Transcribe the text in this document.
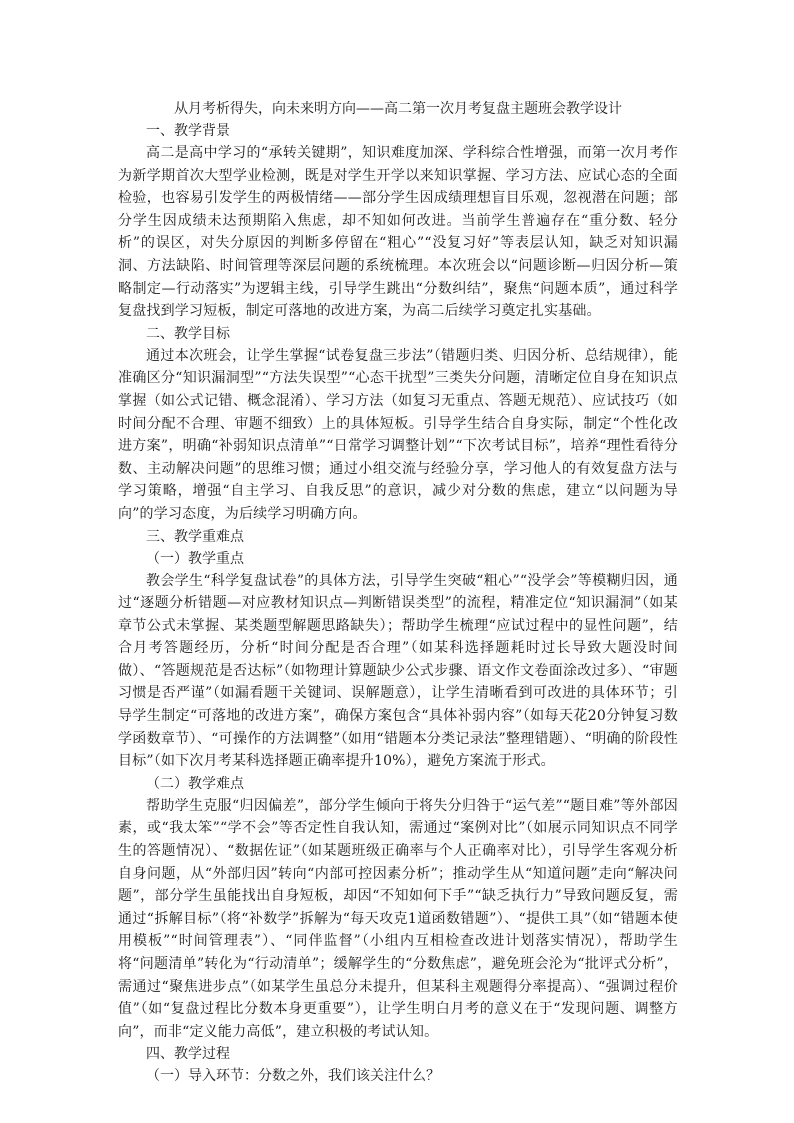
从月考析得失，向未来明方向——高二第一次月考复盘主题班会教学设计

一、教学背景

高二是高中学习的“承转关键期”，知识难度加深、学科综合性增强，而第一次月考作为新学期首次大型学业检测，既是对学生开学以来知识掌握、学习方法、应试心态的全面检验，也容易引发学生的两极情绪——部分学生因成绩理想盲目乐观，忽视潜在问题；部分学生因成绩未达预期陷入焦虑，却不知如何改进。当前学生普遍存在“重分数、轻分析”的误区，对失分原因的判断多停留在“粗心”“没复习好”等表层认知，缺乏对知识漏洞、方法缺陷、时间管理等深层问题的系统梳理。本次班会以“问题诊断—归因分析—策略制定—行动落实”为逻辑主线，引导学生跳出“分数纠结”，聚焦“问题本质”，通过科学复盘找到学习短板，制定可落地的改进方案，为高二后续学习奠定扎实基础。

二、教学目标

通过本次班会，让学生掌握“试卷复盘三步法”（错题归类、归因分析、总结规律），能准确区分“知识漏洞型”“方法失误型”“心态干扰型”三类失分问题，清晰定位自身在知识点掌握（如公式记错、概念混淆）、学习方法（如复习无重点、答题无规范）、应试技巧（如时间分配不合理、审题不细致）上的具体短板。引导学生结合自身实际，制定“个性化改进方案”，明确“补弱知识点清单”“日常学习调整计划”“下次考试目标”，培养“理性看待分数、主动解决问题”的思维习惯；通过小组交流与经验分享，学习他人的有效复盘方法与学习策略，增强“自主学习、自我反思”的意识，减少对分数的焦虑，建立“以问题为导向”的学习态度，为后续学习明确方向。

三、教学重难点

（一）教学重点

教会学生“科学复盘试卷”的具体方法，引导学生突破“粗心”“没学会”等模糊归因，通过“逐题分析错题—对应教材知识点—判断错误类型”的流程，精准定位“知识漏洞”（如某章节公式未掌握、某类题型解题思路缺失）；帮助学生梳理“应试过程中的显性问题”，结合月考答题经历，分析“时间分配是否合理”（如某科选择题耗时过长导致大题没时间做）、“答题规范是否达标”（如物理计算题缺少公式步骤、语文作文卷面涂改过多）、“审题习惯是否严谨”（如漏看题干关键词、误解题意），让学生清晰看到可改进的具体环节；引导学生制定“可落地的改进方案”，确保方案包含“具体补弱内容”（如每天花20分钟复习数学函数章节）、“可操作的方法调整”（如用“错题本分类记录法”整理错题）、“明确的阶段性目标”（如下次月考某科选择题正确率提升10%），避免方案流于形式。

（二）教学难点

帮助学生克服“归因偏差”，部分学生倾向于将失分归咎于“运气差”“题目难”等外部因素，或“我太笨”“学不会”等否定性自我认知，需通过“案例对比”（如展示同知识点不同学生的答题情况）、“数据佐证”（如某题班级正确率与个人正确率对比），引导学生客观分析自身问题，从“外部归因”转向“内部可控因素分析”；推动学生从“知道问题”走向“解决问题”，部分学生虽能找出自身短板，却因“不知如何下手”“缺乏执行力”导致问题反复，需通过“拆解目标”（将“补数学”拆解为“每天攻克1道函数错题”）、“提供工具”（如“错题本使用模板”“时间管理表”）、“同伴监督”（小组内互相检查改进计划落实情况），帮助学生将“问题清单”转化为“行动清单”；缓解学生的“分数焦虑”，避免班会沦为“批评式分析”，需通过“聚焦进步点”（如某学生虽总分未提升，但某科主观题得分率提高）、“强调过程价值”（如“复盘过程比分数本身更重要”），让学生明白月考的意义在于“发现问题、调整方向”，而非“定义能力高低”，建立积极的考试认知。

四、教学过程

（一）导入环节：分数之外，我们该关注什么？
